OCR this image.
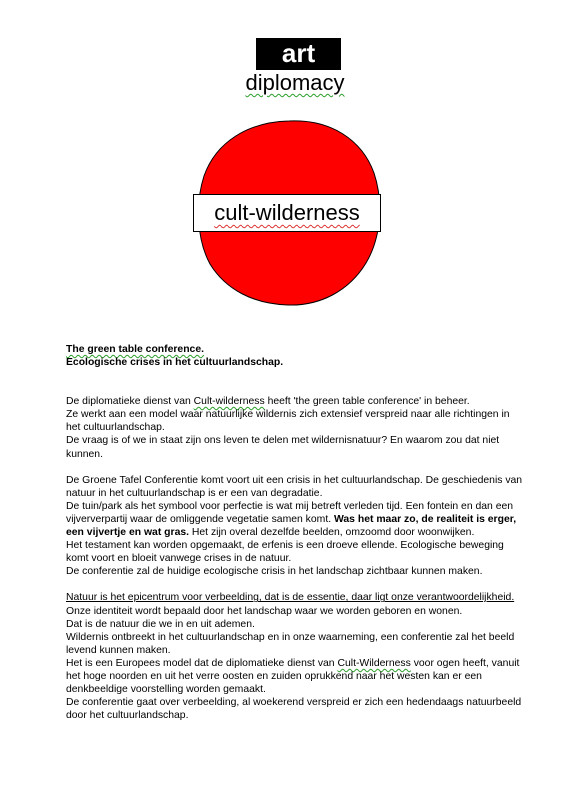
art
diplomacy
cult-wilderness

The green table conference.
Ecologische crises in het cultuurlandschap.

De diplomatieke dienst van Cult-wilderness heeft 'the green table conference' in beheer.
Ze werkt aan een model waar natuurlijke wildernis zich extensief verspreid naar alle richtingen in het cultuurlandschap.
De vraag is of we in staat zijn ons leven te delen met wildernisnatuur? En waarom zou dat niet kunnen.

De Groene Tafel Conferentie komt voort uit een crisis in het cultuurlandschap. De geschiedenis van natuur in het cultuurlandschap is er een van degradatie.
De tuin/park als het symbool voor perfectie is wat mij betreft verleden tijd. Een fontein en dan een vijververpartij waar de omliggende vegetatie samen komt. Was het maar zo, de realiteit is erger, een vijvertje en wat gras. Het zijn overal dezelfde beelden, omzoomd door woonwijken.
Het testament kan worden opgemaakt, de erfenis is een droeve ellende. Ecologische beweging komt voort en bloeit vanwege crises in de natuur.
De conferentie zal de huidige ecologische crisis in het landschap zichtbaar kunnen maken.

Natuur is het epicentrum voor verbeelding, dat is de essentie, daar ligt onze verantwoordelijkheid.
Onze identiteit wordt bepaald door het landschap waar we worden geboren en wonen.
Dat is de natuur die we in en uit ademen.
Wildernis ontbreekt in het cultuurlandschap en in onze waarneming, een conferentie zal het beeld levend kunnen maken.
Het is een Europees model dat de diplomatieke dienst van Cult-Wilderness voor ogen heeft, vanuit het hoge noorden en uit het verre oosten en zuiden oprukkend naar het westen kan er een denkbeeldige voorstelling worden gemaakt.
De conferentie gaat over verbeelding, al woekerend verspreid er zich een hedendaags natuurbeeld door het cultuurlandschap.
